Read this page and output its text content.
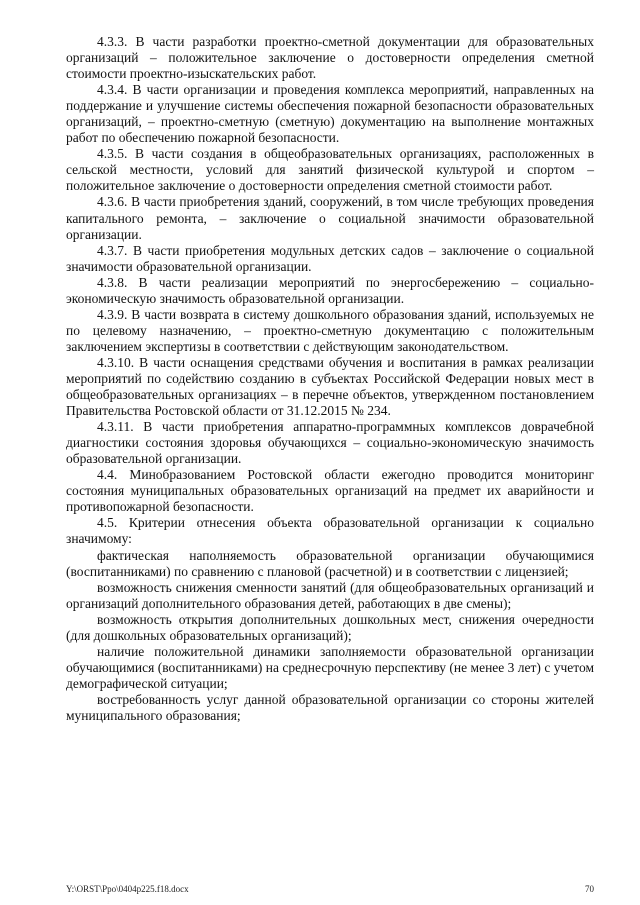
4.3.3. В части разработки проектно-сметной документации для образовательных организаций – положительное заключение о достоверности определения сметной стоимости проектно-изыскательских работ.

4.3.4. В части организации и проведения комплекса мероприятий, направленных на поддержание и улучшение системы обеспечения пожарной безопасности образовательных организаций, – проектно-сметную (сметную) документацию на выполнение монтажных работ по обеспечению пожарной безопасности.

4.3.5. В части создания в общеобразовательных организациях, расположенных в сельской местности, условий для занятий физической культурой и спортом – положительное заключение о достоверности определения сметной стоимости работ.

4.3.6. В части приобретения зданий, сооружений, в том числе требующих проведения капитального ремонта, – заключение о социальной значимости образовательной организации.

4.3.7. В части приобретения модульных детских садов – заключение о социальной значимости образовательной организации.

4.3.8. В части реализации мероприятий по энергосбережению – социально-экономическую значимость образовательной организации.

4.3.9. В части возврата в систему дошкольного образования зданий, используемых не по целевому назначению, – проектно-сметную документацию с положительным заключением экспертизы в соответствии с действующим законодательством.

4.3.10. В части оснащения средствами обучения и воспитания в рамках реализации мероприятий по содействию созданию в субъектах Российской Федерации новых мест в общеобразовательных организациях – в перечне объектов, утвержденном постановлением Правительства Ростовской области от 31.12.2015 № 234.

4.3.11. В части приобретения аппаратно-программных комплексов доврачебной диагностики состояния здоровья обучающихся – социально-экономическую значимость образовательной организации.

4.4. Минобразованием Ростовской области ежегодно проводится мониторинг состояния муниципальных образовательных организаций на предмет их аварийности и противопожарной безопасности.

4.5. Критерии отнесения объекта образовательной организации к социально значимому:

фактическая наполняемость образовательной организации обучающимися (воспитанниками) по сравнению с плановой (расчетной) и в соответствии с лицензией;

возможность снижения сменности занятий (для общеобразовательных организаций и организаций дополнительного образования детей, работающих в две смены);

возможность открытия дополнительных дошкольных мест, снижения очередности (для дошкольных образовательных организаций);

наличие положительной динамики заполняемости образовательной организации обучающимися (воспитанниками) на среднесрочную перспективу (не менее 3 лет) с учетом демографической ситуации;

востребованность услуг данной образовательной организации со стороны жителей муниципального образования;

Y:\ORST\Ppo\0404p225.f18.docx	70
